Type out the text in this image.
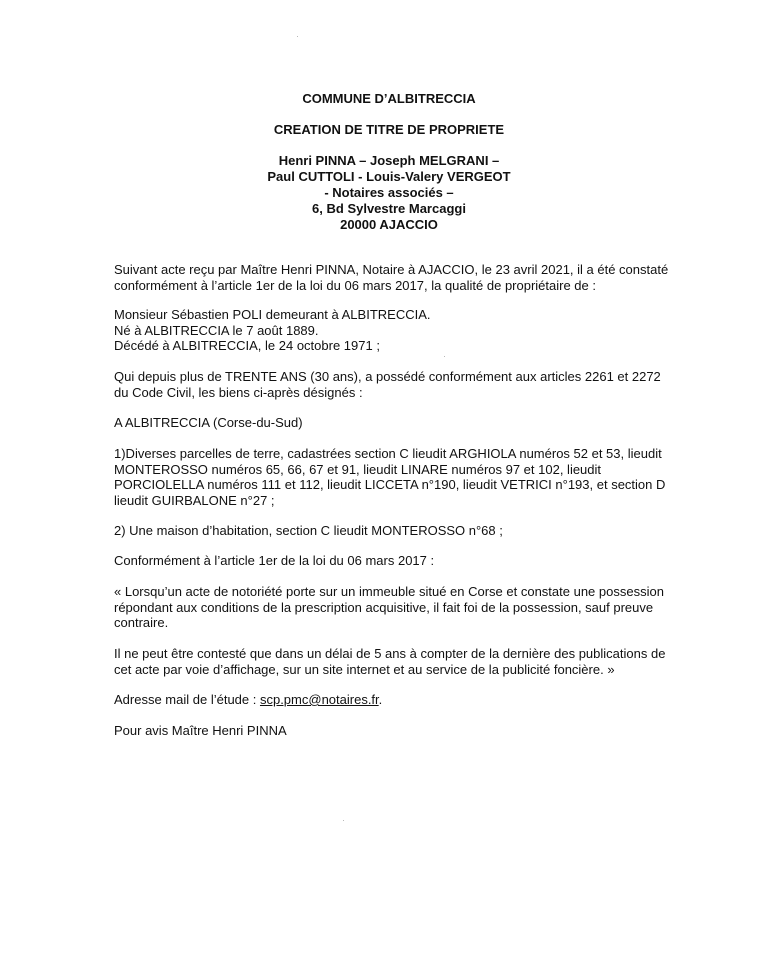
COMMUNE D’ALBITRECCIA
CREATION DE TITRE DE PROPRIETE
Henri PINNA – Joseph MELGRANI –
Paul CUTTOLI - Louis-Valery VERGEOT
- Notaires associés –
6, Bd Sylvestre Marcaggi
20000 AJACCIO

Suivant acte reçu par Maître Henri PINNA, Notaire à AJACCIO, le 23 avril 2021, il a été constaté

conformément à l’article 1er de la loi du 06 mars 2017, la qualité de propriétaire de :

Monsieur Sébastien POLI demeurant à ALBITRECCIA.

Né à ALBITRECCIA le 7 août 1889.

Décédé à ALBITRECCIA, le 24 octobre 1971 ;

Qui depuis plus de TRENTE ANS (30 ans), a possédé conformément aux articles 2261 et 2272

du Code Civil, les biens ci-après désignés :

A ALBITRECCIA (Corse-du-Sud)

1)Diverses parcelles de terre, cadastrées section C lieudit ARGHIOLA numéros 52 et 53, lieudit

MONTEROSSO numéros 65, 66, 67 et 91, lieudit LINARE numéros 97 et 102, lieudit

PORCIOLELLA numéros 111 et 112, lieudit LICCETA n°190, lieudit VETRICI n°193, et section D

lieudit GUIRBALONE n°27 ;

2) Une maison d’habitation, section C lieudit MONTEROSSO n°68 ;

Conformément à l’article 1er de la loi du 06 mars 2017 :

« Lorsqu’un acte de notoriété porte sur un immeuble situé en Corse et constate une possession

répondant aux conditions de la prescription acquisitive, il fait foi de la possession, sauf preuve

contraire.

Il ne peut être contesté que dans un délai de 5 ans à compter de la dernière des publications de

cet acte par voie d’affichage, sur un site internet et au service de la publicité foncière. »

Adresse mail de l’étude : scp.pmc@notaires.fr.

Pour avis Maître Henri PINNA
